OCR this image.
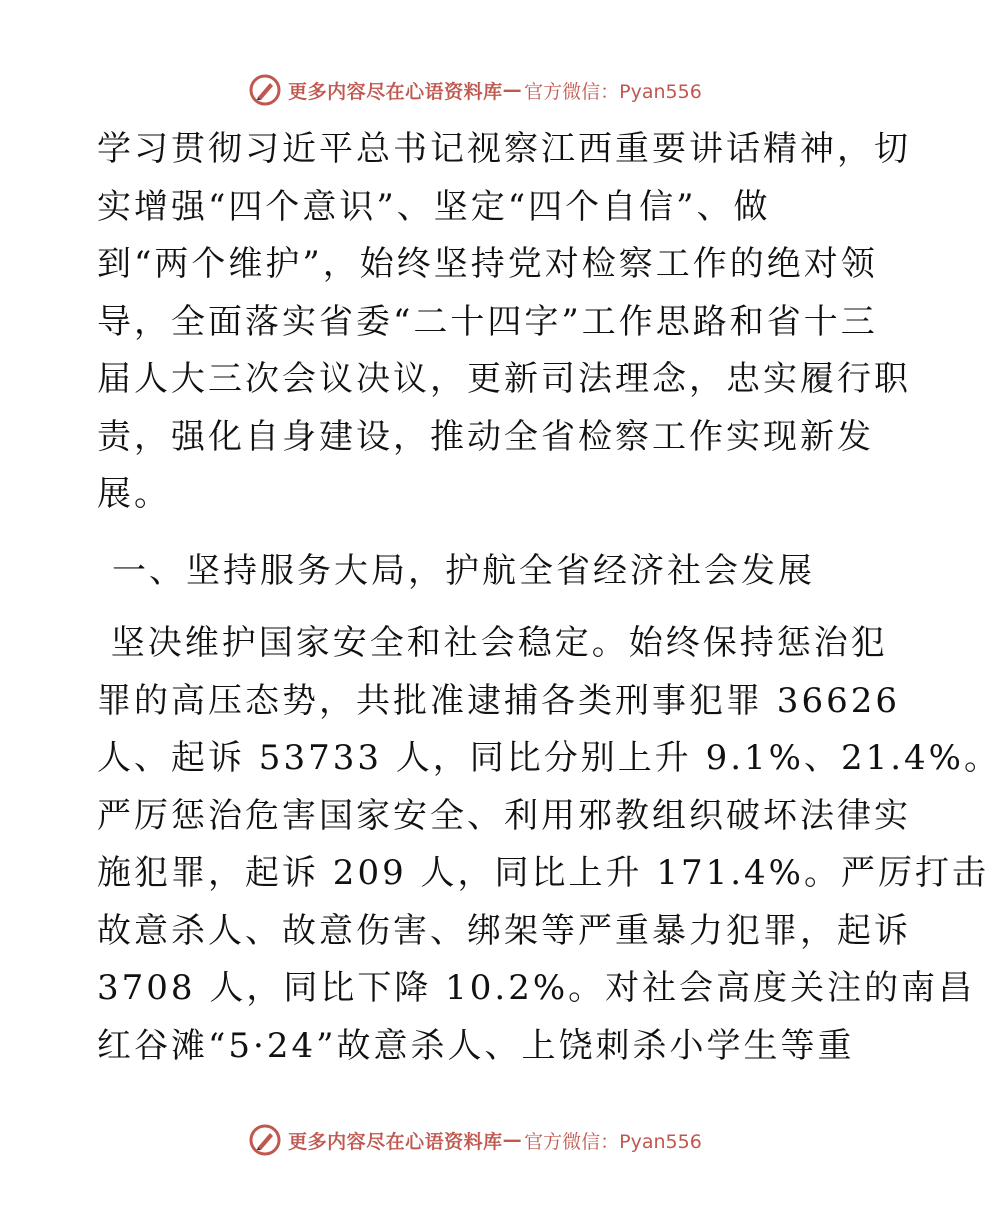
更多内容尽在心语资料库 — 官方微信：Pyan556
学习贯彻习近平总书记视察江西重要讲话精神，切
实增强“四个意识”、坚定“四个自信”、做
到“两个维护”，始终坚持党对检察工作的绝对领
导，全面落实省委“二十四字”工作思路和省十三
届人大三次会议决议，更新司法理念，忠实履行职
责，强化自身建设，推动全省检察工作实现新发
展。
一、坚持服务大局，护航全省经济社会发展
坚决维护国家安全和社会稳定。始终保持惩治犯
罪的高压态势，共批准逮捕各类刑事犯罪 36626
人、起诉 53733 人，同比分别上升 9.1%、21.4%。
严厉惩治危害国家安全、利用邪教组织破坏法律实
施犯罪，起诉 209 人，同比上升 171.4%。严厉打击
故意杀人、故意伤害、绑架等严重暴力犯罪，起诉
3708 人，同比下降 10.2%。对社会高度关注的南昌
红谷滩“5·24”故意杀人、上饶刺杀小学生等重
更多内容尽在心语资料库 — 官方微信：Pyan556
